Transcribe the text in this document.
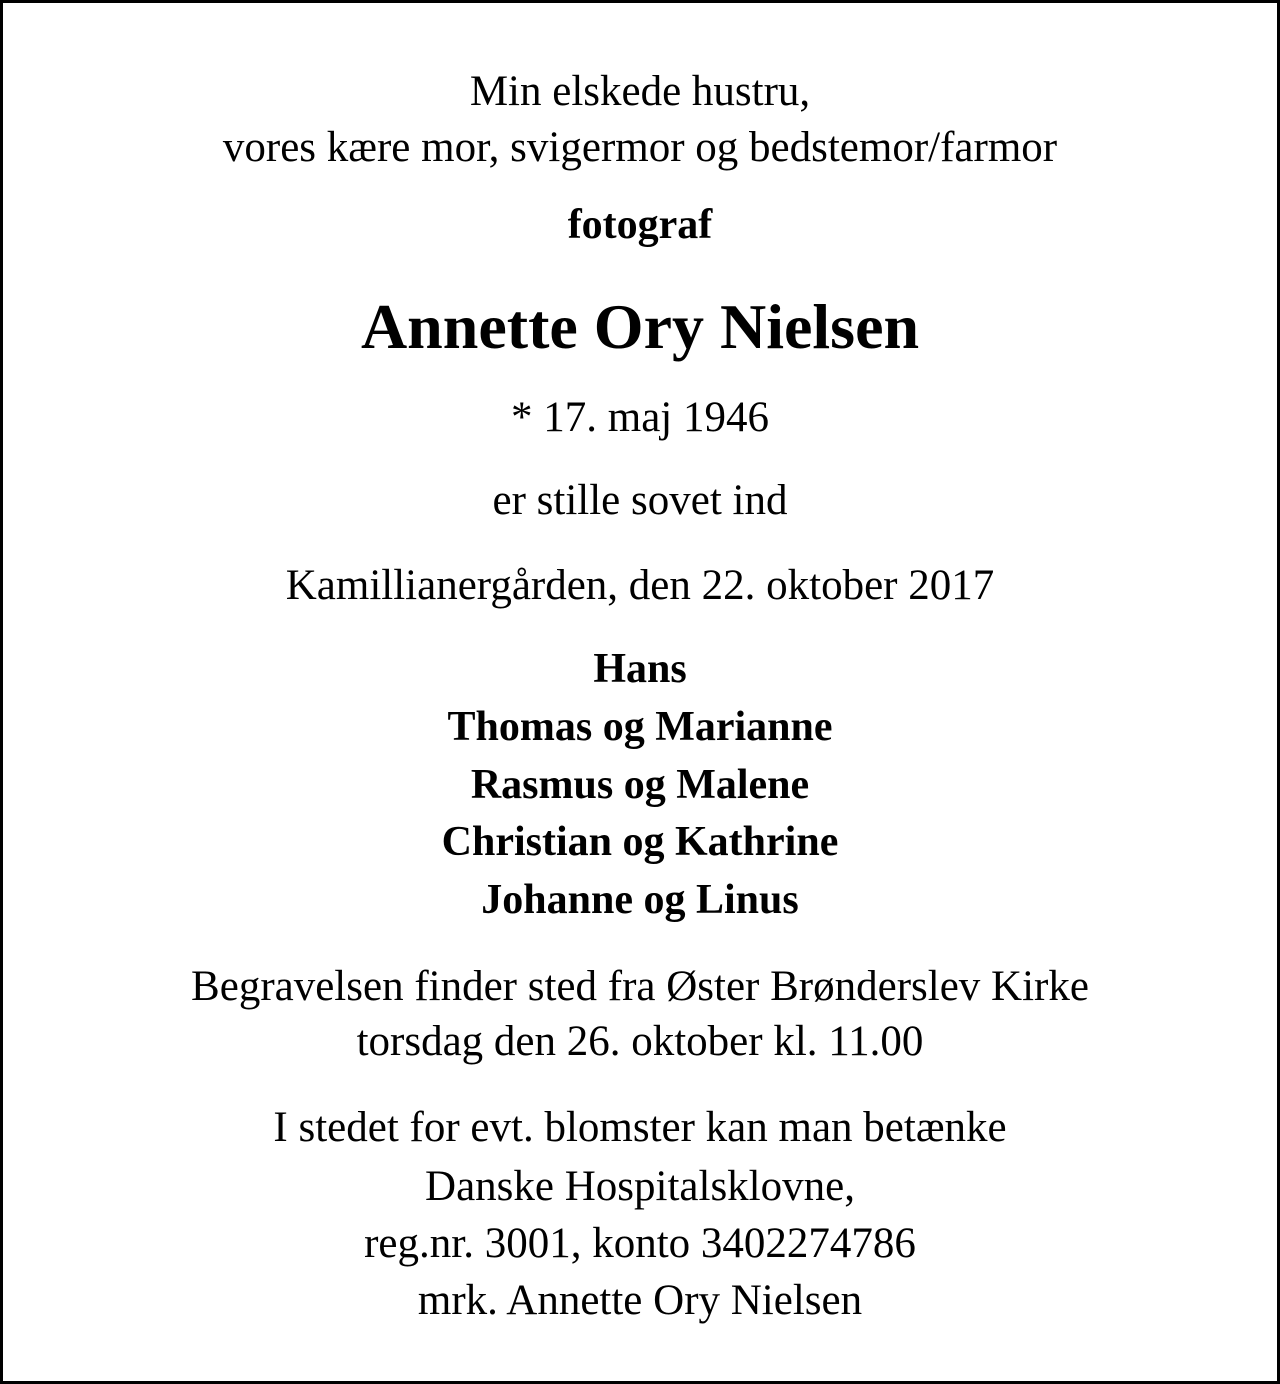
Min elskede hustru,
vores kære mor, svigermor og bedstemor/farmor
fotograf
Annette Ory Nielsen
* 17. maj 1946
er stille sovet ind
Kamillianergården, den 22. oktober 2017
Hans
Thomas og Marianne
Rasmus og Malene
Christian og Kathrine
Johanne og Linus
Begravelsen finder sted fra Øster Brønderslev Kirke
torsdag den 26. oktober kl. 11.00
I stedet for evt. blomster kan man betænke
Danske Hospitalsklovne,
reg.nr. 3001, konto 3402274786
mrk. Annette Ory Nielsen
